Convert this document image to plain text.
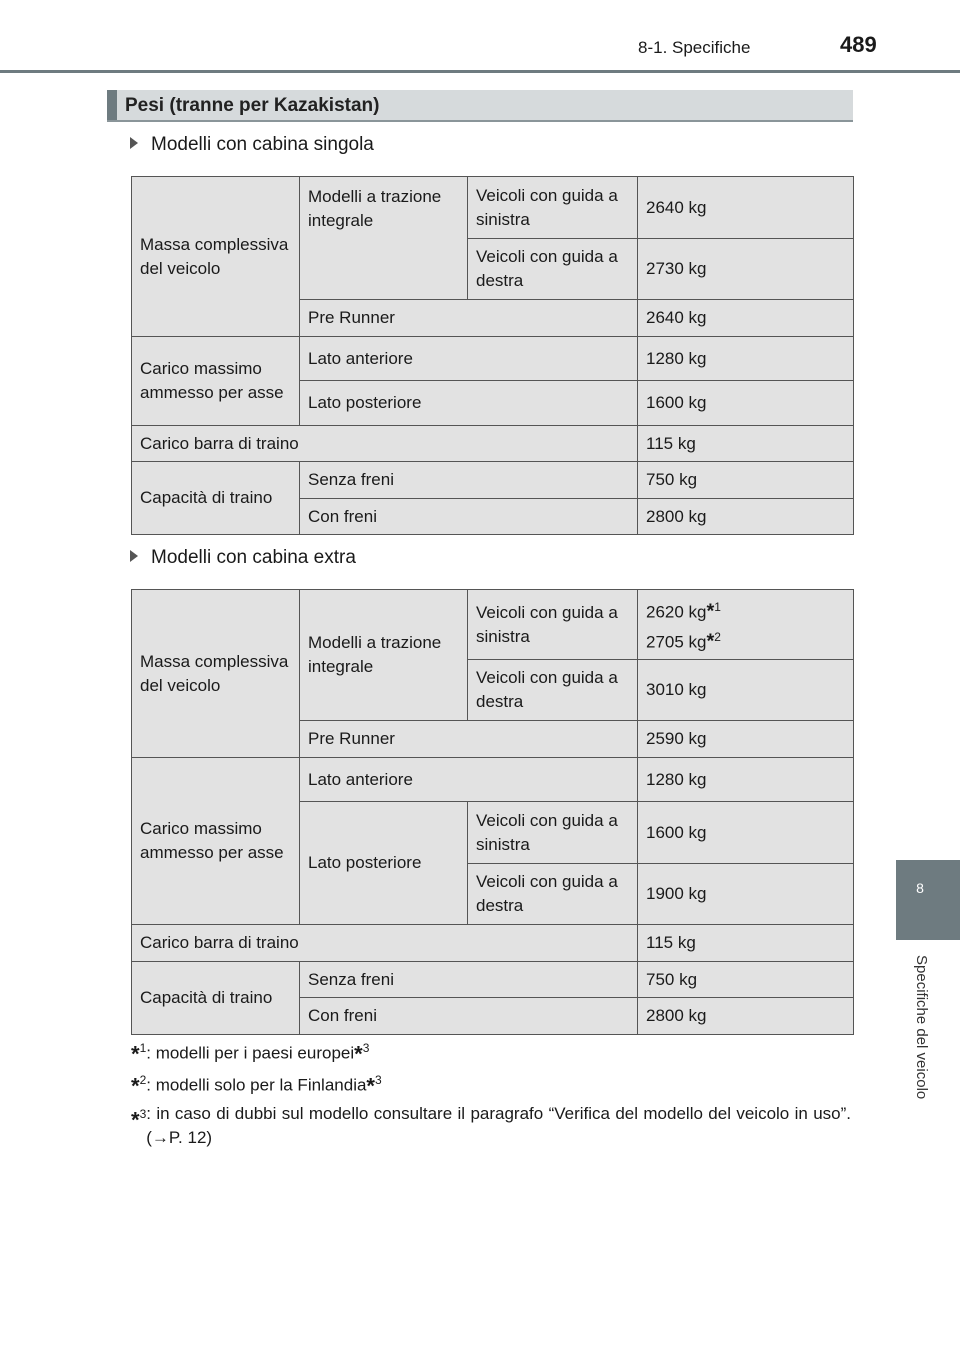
8-1. Specifiche	489
8
Specifiche del veicolo
Pesi (tranne per Kazakistan)
Modelli con cabina singola
Massa complessiva del veicolo	Modelli a trazione integrale	Veicoli con guida a sinistra	2640 kg
		Veicoli con guida a destra	2730 kg
	Pre Runner		2640 kg
Carico massimo ammesso per asse	Lato anteriore		1280 kg
	Lato posteriore		1600 kg
Carico barra di traino			115 kg
Capacità di traino	Senza freni		750 kg
	Con freni		2800 kg
Modelli con cabina extra
Massa complessiva del veicolo	Modelli a trazione integrale	Veicoli con guida a sinistra	2620 kg*$^1$
2705 kg*$^2$
		Veicoli con guida a destra	3010 kg
	Pre Runner		2590 kg
Carico massimo ammesso per asse	Lato anteriore		1280 kg
	Lato posteriore	Veicoli con guida a sinistra	1600 kg
		Veicoli con guida a destra	1900 kg
Carico barra di traino			115 kg
Capacità di traino	Senza freni		750 kg
	Con freni		2800 kg
*$^1$: modelli per i paesi europei*$^3$
*$^2$: modelli solo per la Finlandia*$^3$
*$^3$ : in caso di dubbi sul modello consultare il paragrafo “Verifica del modello del veicolo in uso”. (→P. 12)
